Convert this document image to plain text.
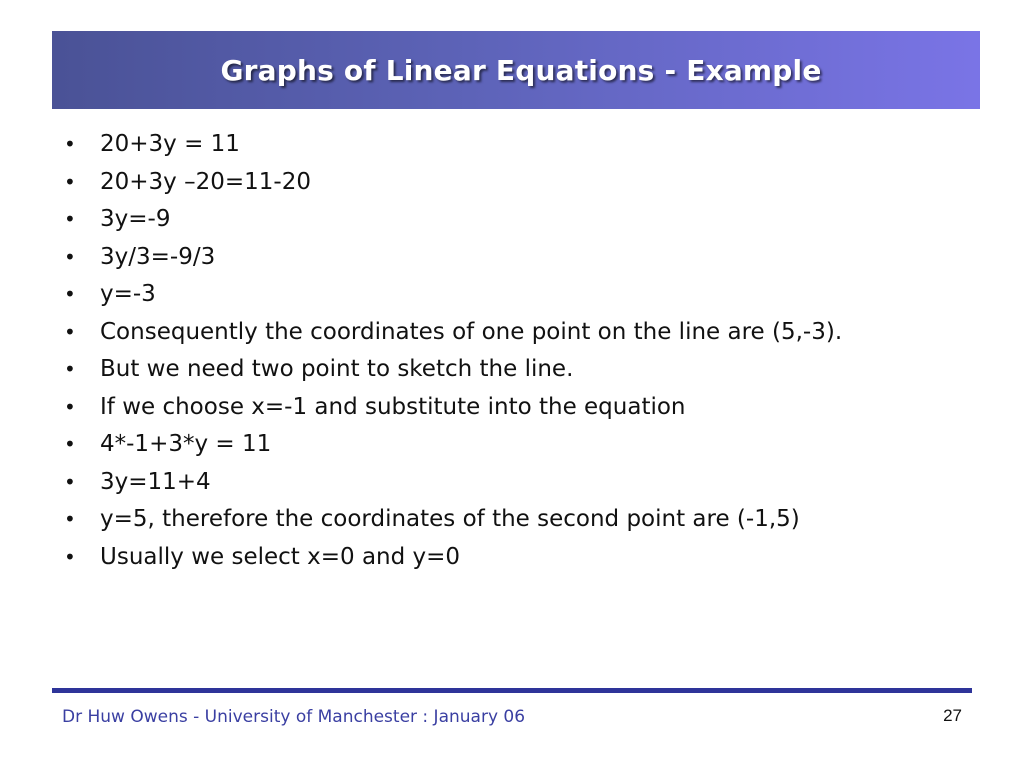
Graphs of Linear Equations - Example
• 20+3y = 11
• 20+3y –20=11-20
• 3y=-9
• 3y/3=-9/3
• y=-3
• Consequently the coordinates of one point on the line are (5,-3).
• But we need two point to sketch the line.
• If we choose x=-1 and substitute into the equation
• 4*-1+3*y = 11
• 3y=11+4
• y=5, therefore the coordinates of the second point are (-1,5)
• Usually we select x=0 and y=0
Dr Huw Owens - University of Manchester : January 06	27
